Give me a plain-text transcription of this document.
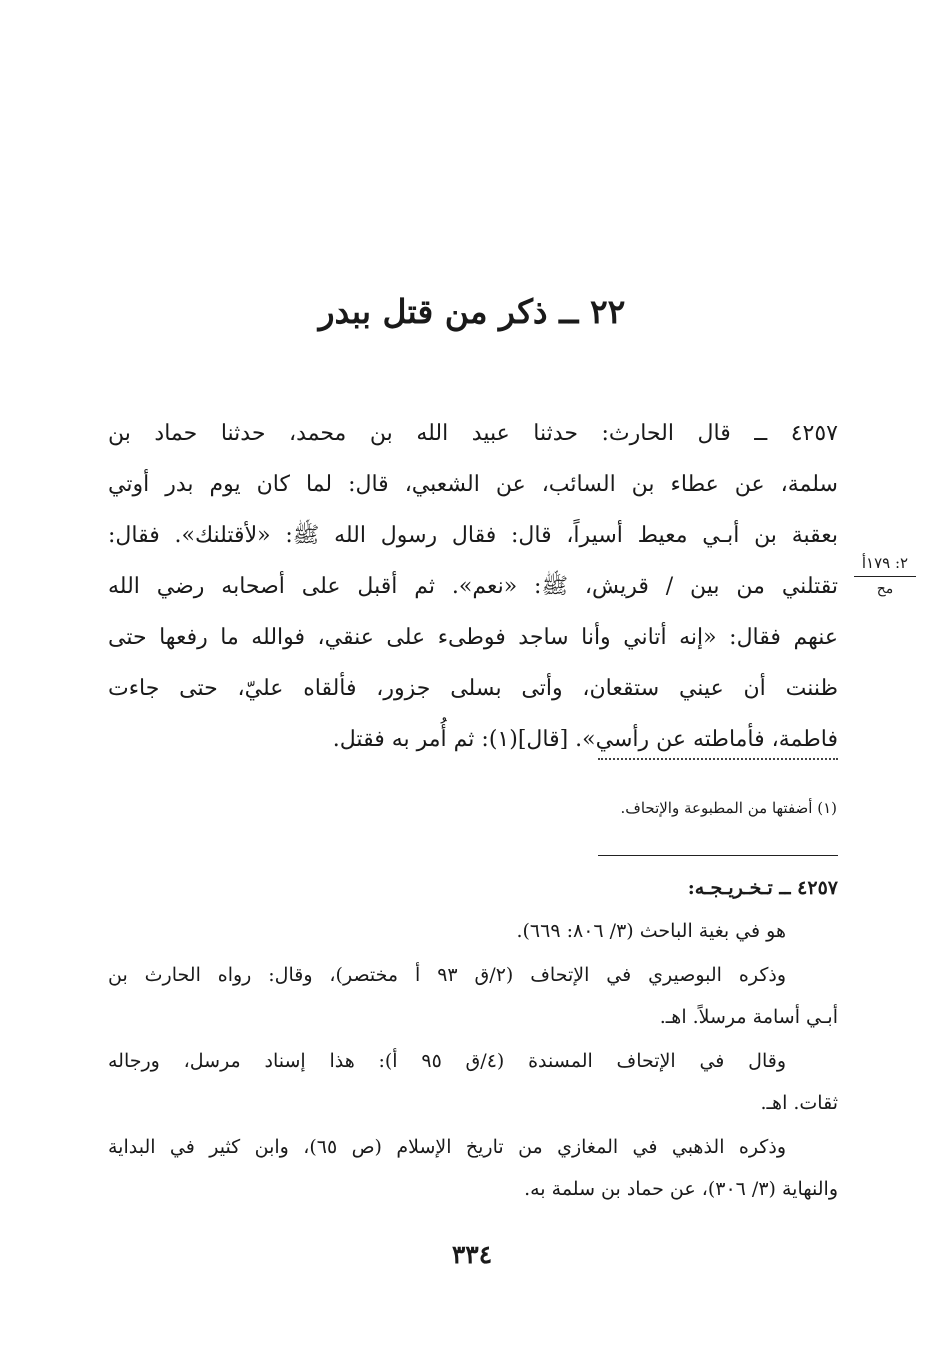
٢٢ ــ ذكر من قتل ببدر
٤٢٥٧ ــ قال الحارث: حدثنا عبيد الله بن محمد، حدثنا حماد بن
سلمة، عن عطاء بن السائب، عن الشعبي، قال: لما كان يوم بدر أوتي
بعقبة بن أبـي معيط أسيراً، قال: فقال رسول الله ﷺ: «لأقتلنك». فقال:
تقتلني من بين / قريش، ﷺ: «نعم». ثم أقبل على أصحابه رضي الله
عنهم فقال: «إنه أتاني وأنا ساجد فوطىء على عنقي، فوالله ما رفعها حتى
ظننت أن عيني ستقعان، وأتى بسلى جزور، فألقاه عليّ، حتى جاءت
فاطمة، فأماطته عن رأسي». [قال](١): ثم أُمر به فقتل.
٢: ١٧٩أ
مح
(١) أضفتها من المطبوعة والإتحاف.
٤٢٥٧ ــ تـخـريـجـه:
هو في بغية الباحث (٣/ ٨٠٦: ٦٦٩).
وذكره البوصيري في الإتحاف (٢/ق ٩٣ أ مختصر)، وقال: رواه الحارث بن
أبـي أسامة مرسلاً. اهـ.
وقال في الإتحاف المسندة (٤/ق ٩٥ أ): هذا إسناد مرسل، ورجاله
ثقات. اهـ.
وذكره الذهبي في المغازي من تاريخ الإسلام (ص ٦٥)، وابن كثير في البداية
والنهاية (٣/ ٣٠٦)، عن حماد بن سلمة به.
٣٣٤
